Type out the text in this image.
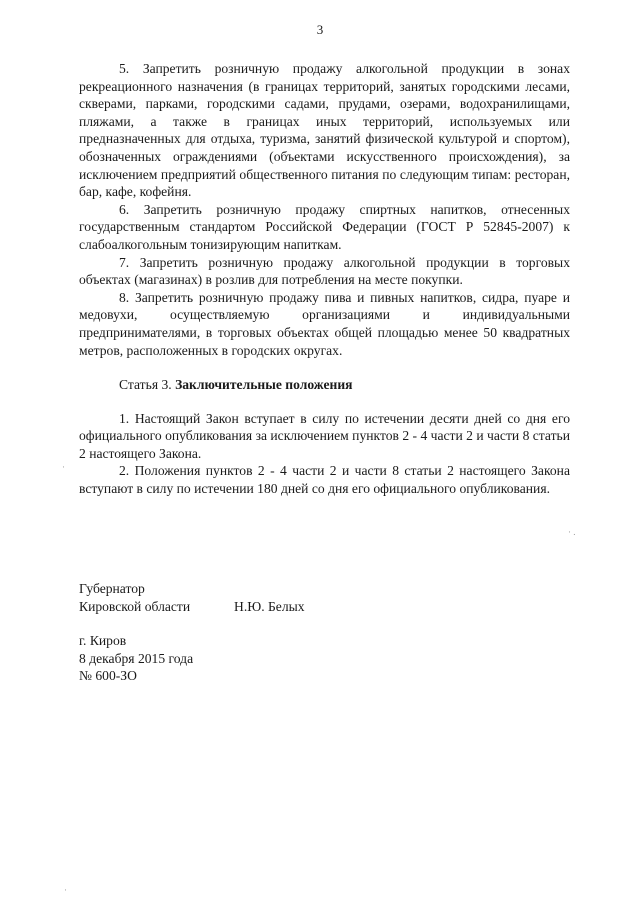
3

5. Запретить розничную продажу алкогольной продукции в зонах рекреационного назначения (в границах территорий, занятых городскими лесами, скверами, парками, городскими садами, прудами, озерами, водохранилищами, пляжами, а также в границах иных территорий, используемых или предназначенных для отдыха, туризма, занятий физической культурой и спортом), обозначенных ограждениями (объектами искусственного происхождения), за исключением предприятий общественного питания по следующим типам: ресторан, бар, кафе, кофейня.

6. Запретить розничную продажу спиртных напитков, отнесенных государственным стандартом Российской Федерации (ГОСТ Р 52845-2007) к слабоалкогольным тонизирующим напиткам.

7. Запретить розничную продажу алкогольной продукции в торговых объектах (магазинах) в розлив для потребления на месте покупки.

8. Запретить розничную продажу пива и пивных напитков, сидра, пуаре и медовухи, осуществляемую организациями и индивидуальными предпринимателями, в торговых объектах общей площадью менее 50 квадратных метров, расположенных в городских округах.

Статья 3. Заключительные положения

1. Настоящий Закон вступает в силу по истечении десяти дней со дня его официального опубликования за исключением пунктов 2 - 4 части 2 и части 8 статьи 2 настоящего Закона.

2. Положения пунктов 2 - 4 части 2 и части 8 статьи 2 настоящего Закона вступают в силу по истечении 180 дней со дня его официального опубликования.

Губернатор
Кировской области	Н.Ю. Белых
г. Киров
8 декабря 2015 года
№ 600-ЗО
·
· .
·
